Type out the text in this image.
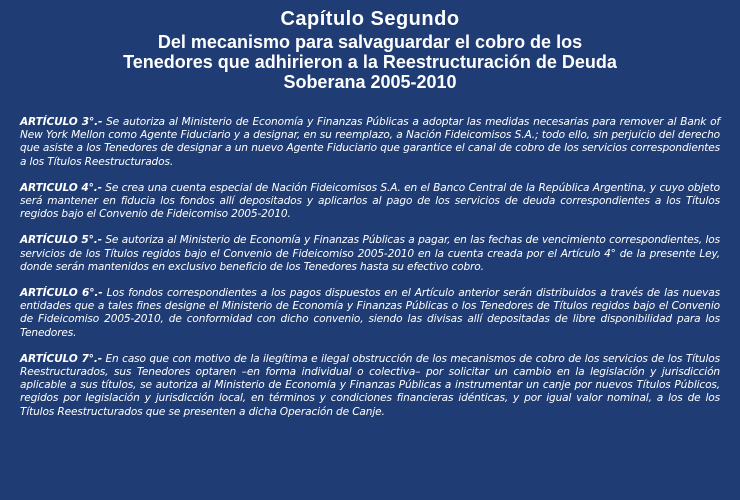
Capítulo Segundo
Del mecanismo para salvaguardar el cobro de los
Tenedores que adhirieron a la Reestructuración de Deuda
Soberana 2005-2010

ARTÍCULO 3°.- Se autoriza al Ministerio de Economía y Finanzas Públicas a adoptar las medidas necesarias para remover al Bank of New York Mellon como Agente Fiduciario y a designar, en su reemplazo, a Nación Fideicomisos S.A.; todo ello, sin perjuicio del derecho que asiste a los Tenedores de designar a un nuevo Agente Fiduciario que garantice el canal de cobro de los servicios correspondientes a los Títulos Reestructurados.

ARTICULO 4°.- Se crea una cuenta especial de Nación Fideicomisos S.A. en el Banco Central de la República Argentina, y cuyo objeto será mantener en fiducia los fondos allí depositados y aplicarlos al pago de los servicios de deuda correspondientes a los Títulos regidos bajo el Convenio de Fideicomiso 2005-2010.

ARTÍCULO 5°.- Se autoriza al Ministerio de Economía y Finanzas Públicas a pagar, en las fechas de vencimiento correspondientes, los servicios de los Títulos regidos bajo el Convenio de Fideicomiso 2005-2010 en la cuenta creada por el Artículo 4° de la presente Ley, donde serán mantenidos en exclusivo beneficio de los Tenedores hasta su efectivo cobro.

ARTÍCULO 6°.- Los fondos correspondientes a los pagos dispuestos en el Artículo anterior serán distribuidos a través de las nuevas entidades que a tales fines designe el Ministerio de Economía y Finanzas Públicas o los Tenedores de Títulos regidos bajo el Convenio de Fideicomiso 2005-2010, de conformidad con dicho convenio, siendo las divisas allí depositadas de libre disponibilidad para los Tenedores.

ARTÍCULO 7°.- En caso que con motivo de la ilegítima e ilegal obstrucción de los mecanismos de cobro de los servicios de los Títulos Reestructurados, sus Tenedores optaren –en forma individual o colectiva– por solicitar un cambio en la legislación y jurisdicción aplicable a sus títulos, se autoriza al Ministerio de Economía y Finanzas Públicas a instrumentar un canje por nuevos Títulos Públicos, regidos por legislación y jurisdicción local, en términos y condiciones financieras idénticas, y por igual valor nominal, a los de los Títulos Reestructurados que se presenten a dicha Operación de Canje.
